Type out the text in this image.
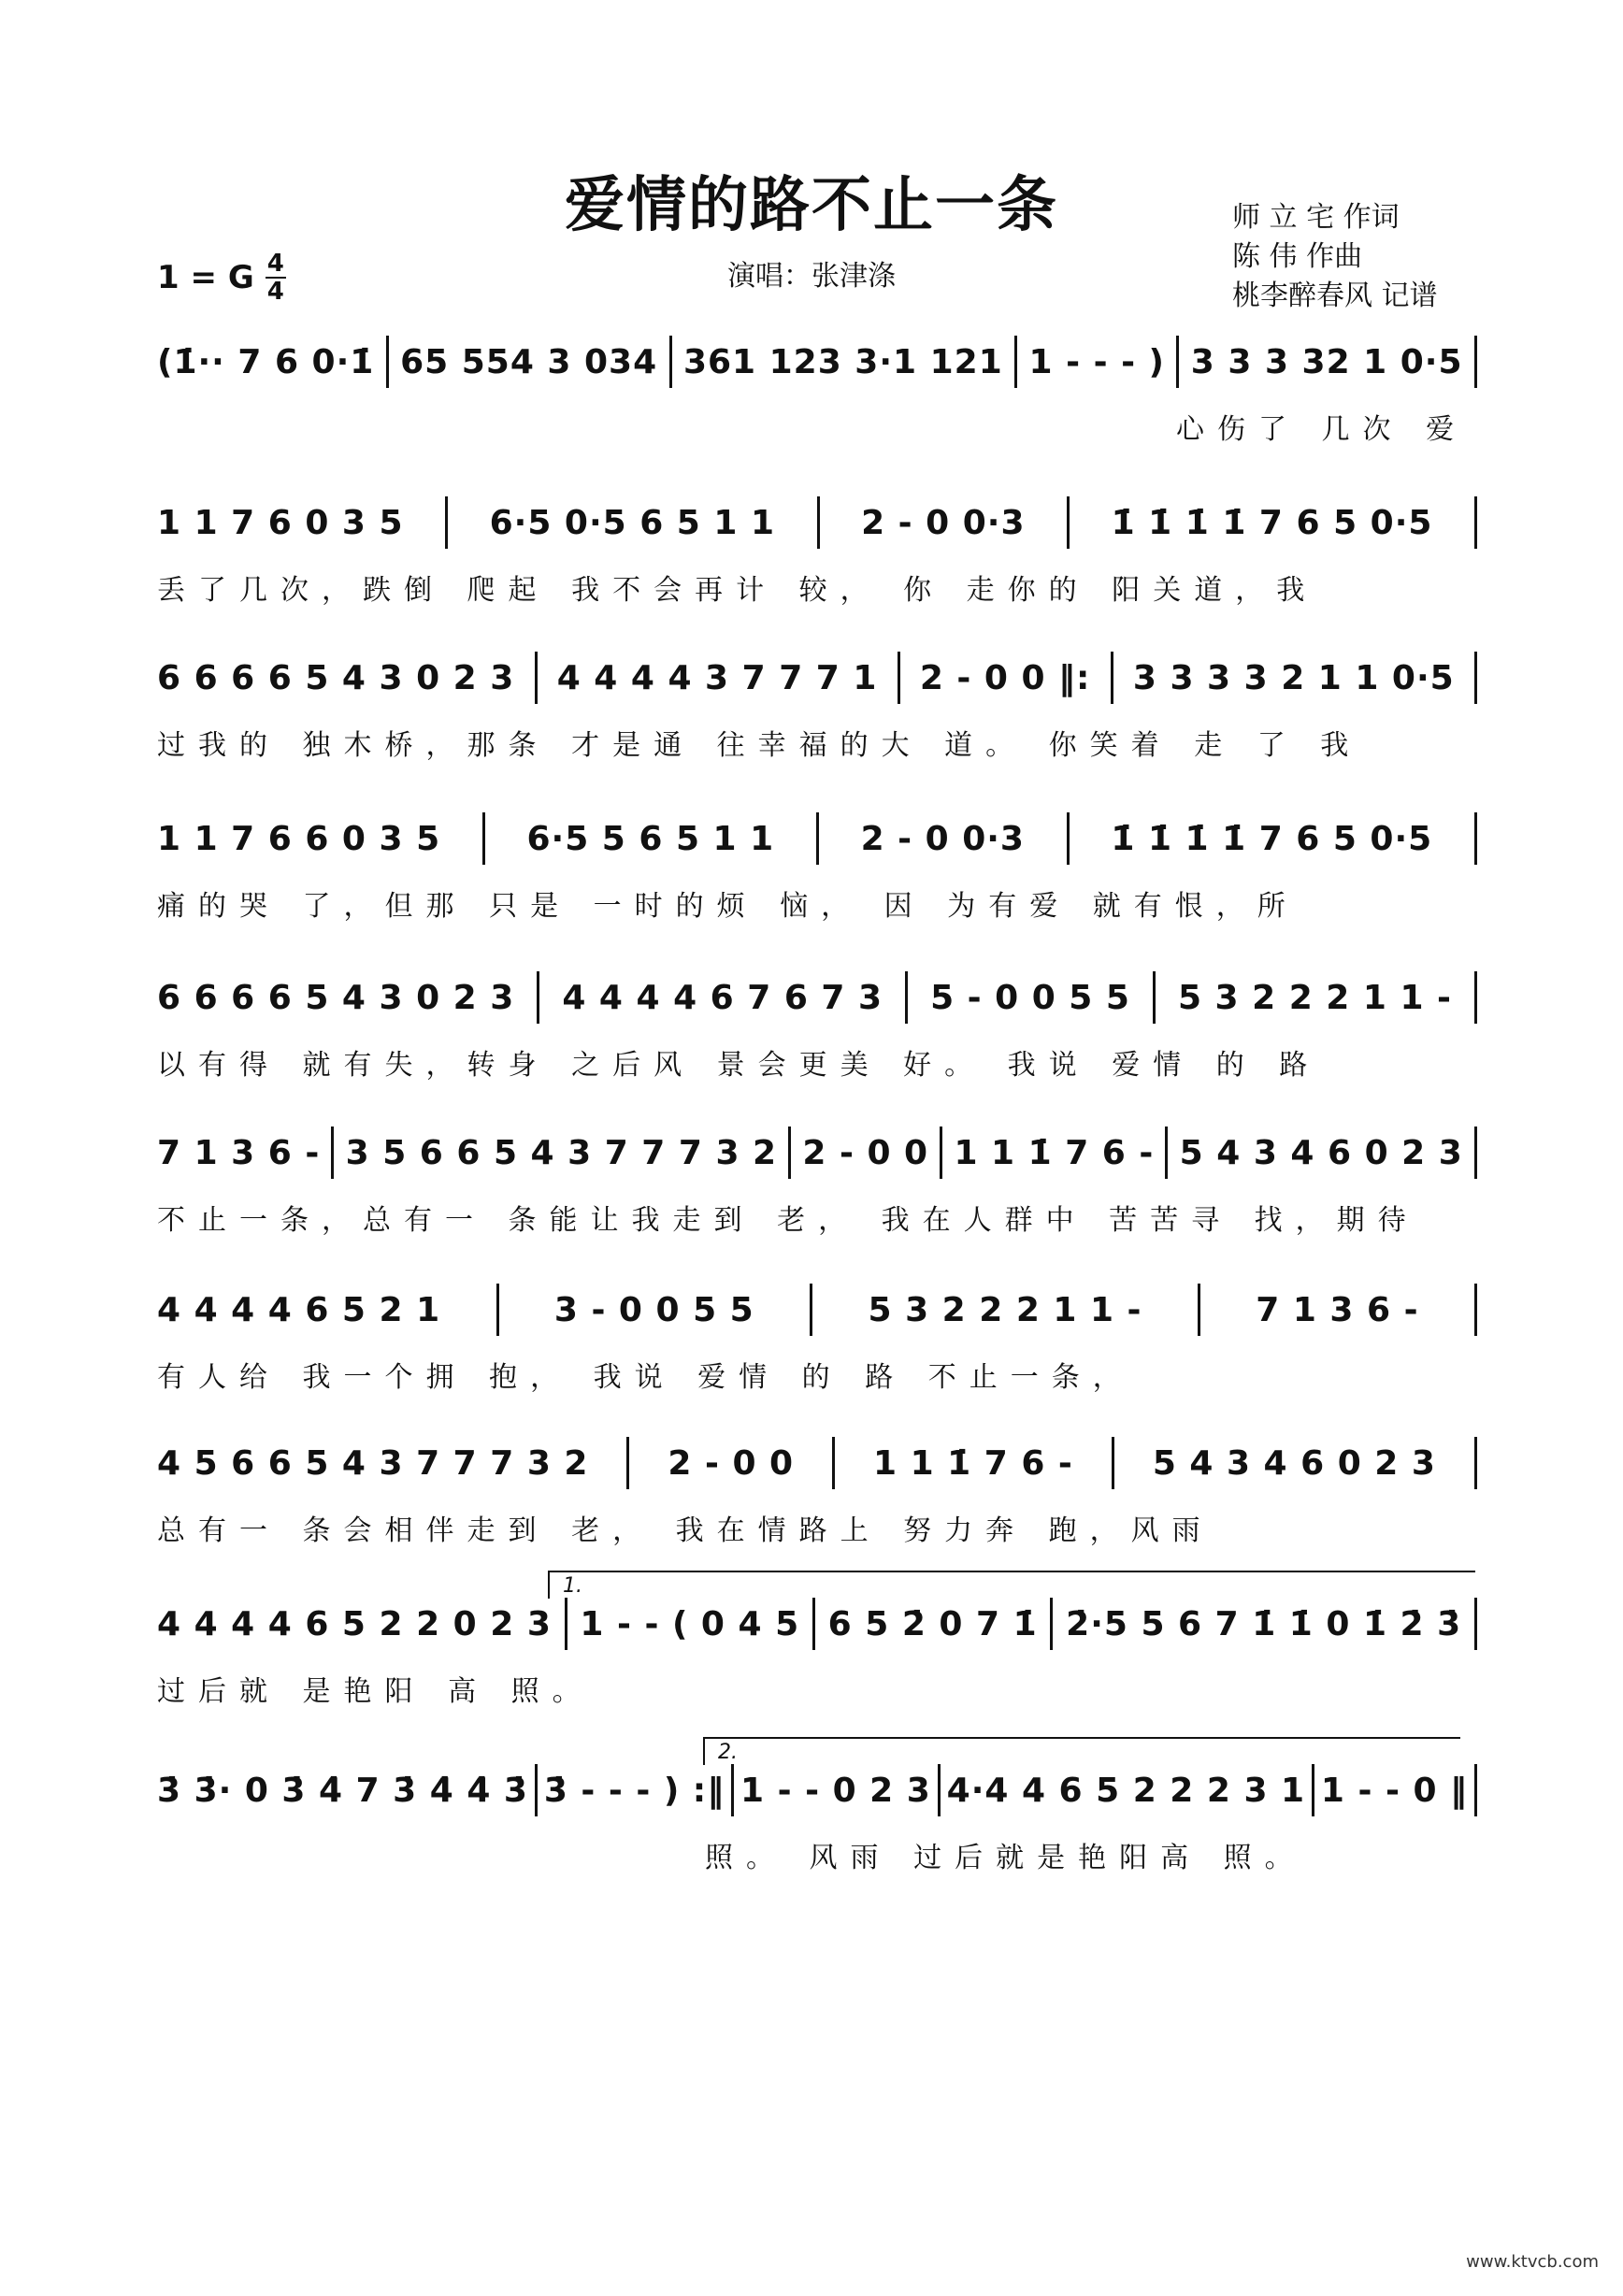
爱情的路不止一条	师 立 宅 作词
陈 伟 作曲
桃李醉春风 记谱
演唱：张津涤
1 = G $\frac{4}{4}$
(1̇·· 7 6 0·1̇ 65 554 3 034 361 123 3·1 121 1 - - - ) 3 3 3 32 1 0·5
心伤了 几次 爱
1 1 7 6 0 3 5	6·5 0·5 6 5 1 1	2 - 0 0·3	1̇ 1̇ 1̇ 1̇ 7 6 5 0·5
丢了几次，跌倒 爬起 我不会再计 较， 你 走你的 阳关道，我
6 6 6 6 5 4 3 0 2 3 4 4 4 4 3 7 7 7 1 2 - 0 0 ‖: 3 3 3 3 2 1 1 0·5
过我的 独木桥，那条 才是通 往幸福的大 道。 你笑着 走 了 我
1 1 7 6 6 0 3 5	6·5 5 6 5 1 1	2 - 0 0·3	1̇ 1̇ 1̇ 1̇ 7 6 5 0·5
痛的哭 了，但那 只是 一时的烦 恼， 因 为有爱 就有恨，所
6 6 6 6 5 4 3 0 2 3 4 4 4 4 6 7 6 7 3 5 - 0 0 5 5 5 3 2 2 2 1 1 -
以有得 就有失，转身 之后风 景会更美 好。 我说 爱情 的 路
7 1 3 6 - 3 5 6 6 5 4 3 7 7 7 3 2 2 - 0 0 1 1 1̇ 7 6 - 5 4 3 4 6 0 2 3
不止一条，总有一 条能让我走到 老， 我在人群中 苦苦寻 找，期待
4 4 4 4 6 5 2 1	3 - 0 0 5 5	5 3 2 2 2 1 1 -	7 1 3 6 -
有人给 我一个拥 抱， 我说 爱情 的 路 不止一条，
4 5 6 6 5 4 3 7 7 7 3 2 2 - 0 0 1 1 1̇ 7 6 - 5 4 3 4 6 0 2 3
总有一 条会相伴走到 老， 我在情路上 努力奔 跑，风雨
1.
4 4 4 4 6 5 2 2 0 2 3 1 - - ( 0 4 5 6 5 2̇ 0 7 1̇ 2̇·5 5 6 7 1̇ 1̇ 0 1̇ 2̇ 3̇
过后就 是艳阳 高 照。
2.
3̇ 3̇· 0 3̇ 4̇ 7 3̇ 4̇ 4̇ 3̇ 3̇ - - - ) :‖ 1 - - 0 2 3 4·4 4 6 5 2 2 2 3 1 1 - - 0 ‖
照。 风雨 过后就是艳阳高 照。
www.ktvcb.com
